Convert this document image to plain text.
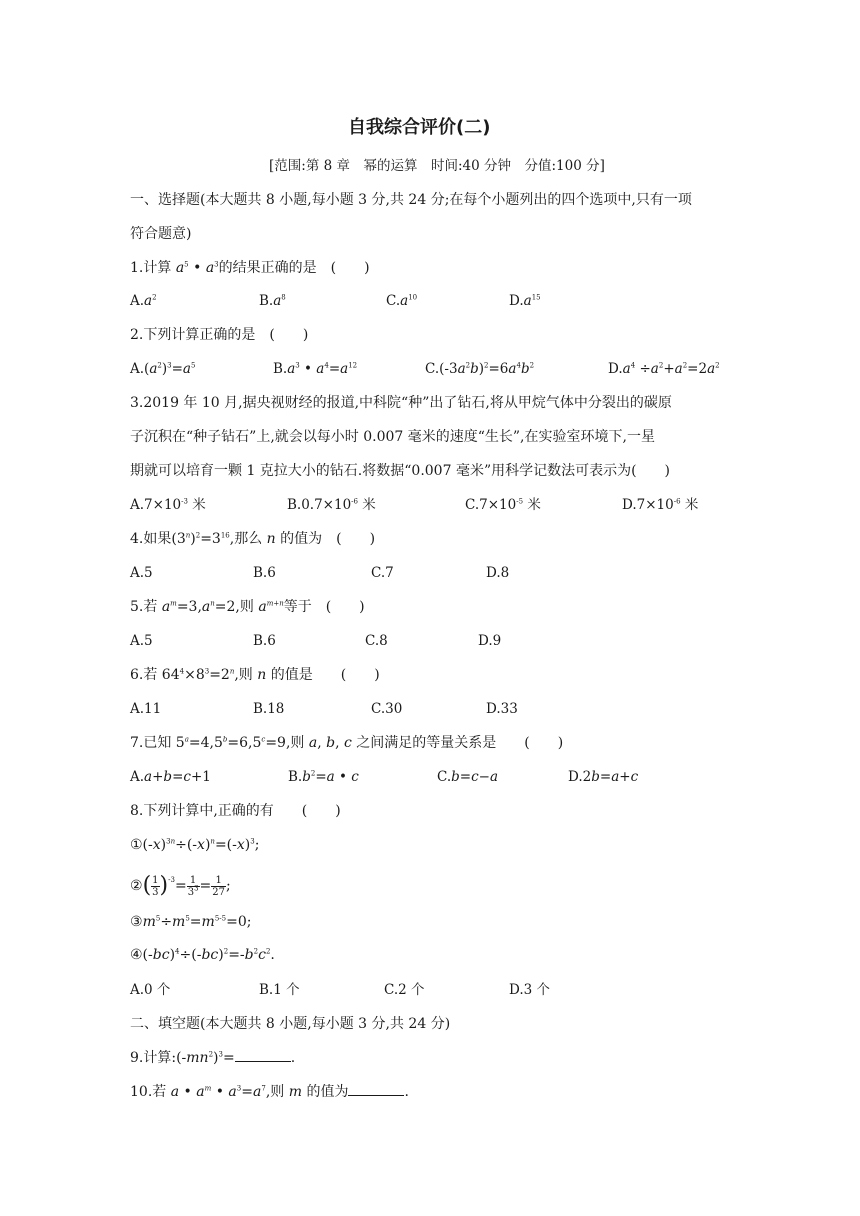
自我综合评价(二)
[范围:第 8 章　幂的运算　时间:40 分钟　分值:100 分]
一、选择题(本大题共 8 小题,每小题 3 分,共 24 分;在每个小题列出的四个选项中,只有一项
符合题意)
1.计算 $a^5$ • $a^3$的结果正确的是　(　　)
$A.a^2$	$B.a^8$	$C.a^{10}$	$D.a^{15}$
2.下列计算正确的是　(　　)
$A.(a^2)^3=a^5$	$B.a^3$ • $a^4=a^{12}$	$C.(-3a^2b)^2=6a^4b^2$	$D.a^4 \div a^2+a^2=2a^2$
3.2019 年 10 月,据央视财经的报道,中科院“种”出了钻石,将从甲烷气体中分裂出的碳原
子沉积在“种子钻石”上,就会以每小时 0.007 毫米的速度“生长”,在实验室环境下,一星
期就可以培育一颗 1 克拉大小的钻石.将数据“0.007 毫米”用科学记数法可表示为(　　)
$A.7\times 10^{-3}$ 米	$B.0.7\times 10^{-6}$ 米	$C.7\times 10^{-5}$ 米	$D.7\times 10^{-6}$ 米
4.如果$(3^n)^2=3^{16}$,那么 n 的值为　(　　)
A.5	B.6	C.7	D.8
5.若 $a^m=3,a^n=2$,则 $a^{m+n}$等于　(　　)
A.5	B.6	C.8	D.9
6.若 $64^4\times 8^3=2^n$,则 n 的值是　　(　　)
A.11	B.18	C.30	D.33
7.已知 $5^a=4,5^b=6,5^c=9$,则 a, b, c 之间满足的等量关系是　　(　　)
A.a+b=c+1	$B.b^2=a$ • c	C.b=c−a	D.2b=a+c
8.下列计算中,正确的有　　(　　)
$①(-x)^{3n}\div(-x)^n=(-x)^3$;
②( $\frac{1}{3} )^{-3}= \frac{1}{3^3} = \frac{1}{27}$ ;
$③m^5\div m^5=m^{5-5}=0$;
$④(-bc)^4\div(-bc)^2=-b^2c^2$.
A.0 个	B.1 个	C.2 个	D.3 个
二、填空题(本大题共 8 小题,每小题 3 分,共 24 分)
9.计算$:(-mn^2)^3=$	.
10.若 a • $a^m$ • $a^3=a^7$,则 m 的值为	.
